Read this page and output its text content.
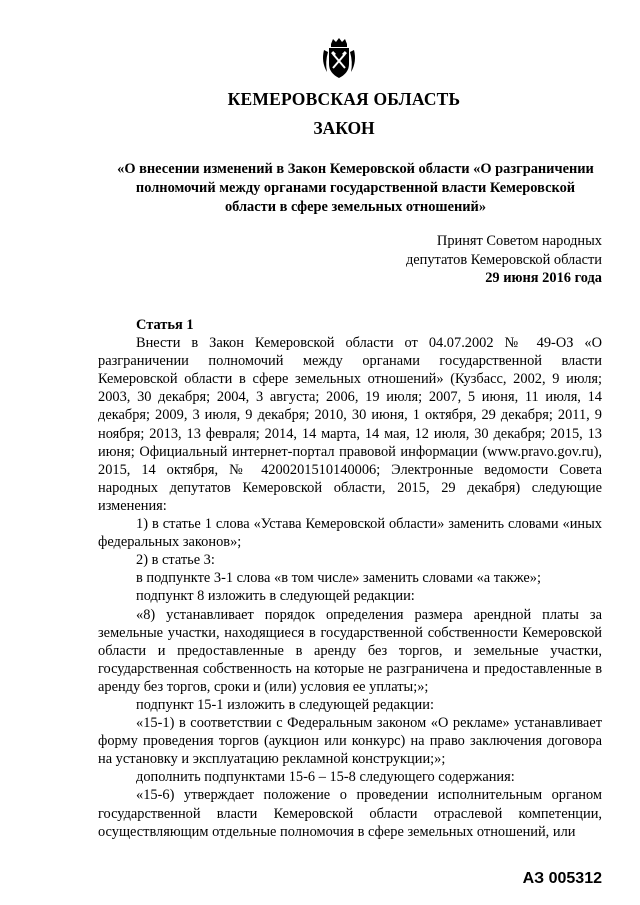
КЕМЕРОВСКАЯ ОБЛАСТЬ
ЗАКОН
«О внесении изменений в Закон Кемеровской области «О разграничении
полномочий между органами государственной власти Кемеровской
области в сфере земельных отношений»
Принят Советом народных
депутатов Кемеровской области
29 июня 2016 года

Статья 1

Внести в Закон Кемеровской области от 04.07.2002 № 49-ОЗ «О разграничении полномочий между органами государственной власти Кемеровской области в сфере земельных отношений» (Кузбасс, 2002, 9 июля; 2003, 30 декабря; 2004, 3 августа; 2006, 19 июля; 2007, 5 июня, 11 июля, 14 декабря; 2009, 3 июля, 9 декабря; 2010, 30 июня, 1 октября, 29 декабря; 2011, 9 ноября; 2013, 13 февраля; 2014, 14 марта, 14 мая, 12 июля, 30 декабря; 2015, 13 июня; Официальный интернет-портал правовой информации (www.pravo.gov.ru), 2015, 14 октября, № 4200201510140006; Электронные ведомости Совета народных депутатов Кемеровской области, 2015, 29 декабря) следующие изменения:

1) в статье 1 слова «Устава Кемеровской области» заменить словами «иных федеральных законов»;

2) в статье 3:

в подпункте 3-1 слова «в том числе» заменить словами «а также»;

подпункт 8 изложить в следующей редакции:

«8) устанавливает порядок определения размера арендной платы за земельные участки, находящиеся в государственной собственности Кемеровской области и предоставленные в аренду без торгов, и земельные участки, государственная собственность на которые не разграничена и предоставленные в аренду без торгов, сроки и (или) условия ее уплаты;»;

подпункт 15-1 изложить в следующей редакции:

«15-1) в соответствии с Федеральным законом «О рекламе» устанавливает форму проведения торгов (аукцион или конкурс) на право заключения договора на установку и эксплуатацию рекламной конструкции;»;

дополнить подпунктами 15-6 – 15-8 следующего содержания:

«15-6) утверждает положение о проведении исполнительным органом государственной власти Кемеровской области отраслевой компетенции, осуществляющим отдельные полномочия в сфере земельных отношений, или

АЗ 005312
